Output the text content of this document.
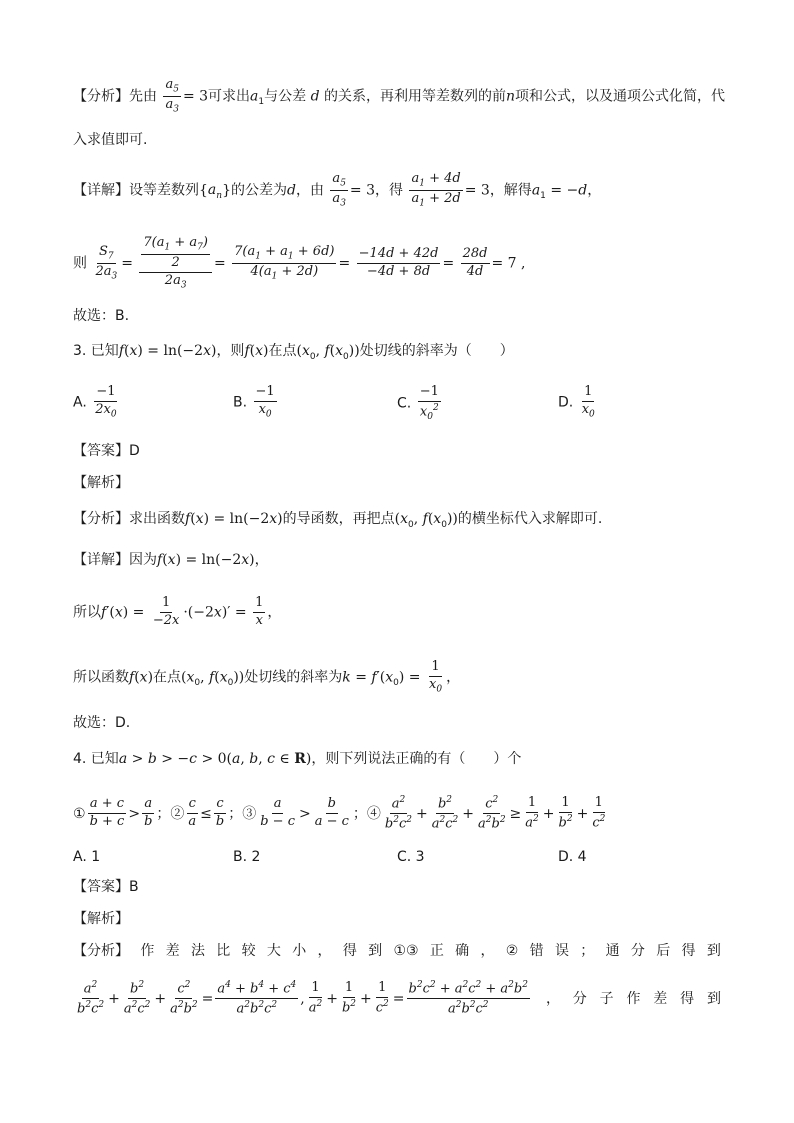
【分析】先由 $\frac{a_5}{a_3} = 3$可求出$a_1$与公差 d 的关系，再利用等差数列的前n项和公式，以及通项公式化简，代
入求值即可.
【详解】设等差数列$\{a_n\}$的公差为d，由 $\frac{a_5}{a_3} = 3$，得 $\frac{a_1 + 4d}{a_1 + 2d} = 3$，解得$a_1 = -d$，
则 $\frac{S_7}{2a_3} = \frac{\frac{7(a_1 + a_7)}{2}}{2a_3} = \frac{7(a_1 + a_1 + 6d)}{4(a_1 + 2d)} = \frac{-14d + 42d}{-4d + 8d} = \frac{28d}{4d} = 7$ ,
故选：B.
3. 已知f(x) = ln(−2x)，则f(x)在点($x_0$, $f(x_0)$)处切线的斜率为（　　）
A. $\frac{-1}{2x_0}$	B. $\frac{-1}{x_0}$	C. $\frac{-1}{x_0^2}$	D. $\frac{1}{x_0}$
【答案】D
【解析】
【分析】求出函数f(x) = ln(−2x)的导函数，再把点($x_0$, $f(x_0)$)的横坐标代入求解即可.
【详解】因为f(x) = ln(−2x)，
所以$f'(x) = \frac{1}{-2x} \cdot(-2x)' = \frac{1}{x}$ ，
所以函数f(x)在点($x_0$, $f(x_0)$)处切线的斜率为$k = f'(x_0) = \frac{1}{x_0}$ ，
故选：D.
4. 已知a > b > −c > 0(a, b, c ∈ R)，则下列说法正确的有（　　）个
① $\frac{a + c}{b + c} > \frac{a}{b}$ ；② $\frac{c}{a} \le \frac{c}{b}$ ；③ $\frac{a}{b - c} > \frac{b}{a - c}$ ；④ $\frac{a^2}{b^2c^2} + \frac{b^2}{a^2c^2} + \frac{c^2}{a^2b^2} \ge \frac{1}{a^2} + \frac{1}{b^2} + \frac{1}{c^2}$
A. 1	B. 2	C. 3	D. 4
【答案】B
【解析】
【分析】 作 差 法 比 较 大 小 ， 得 到 ①③ 正 确 ， ② 错 误 ； 通 分 后 得 到
$\frac{a^2}{b^2c^2} + \frac{b^2}{a^2c^2} + \frac{c^2}{a^2b^2} = \frac{a^4 + b^4 + c^4}{a^2b^2c^2}$ , $\frac{1}{a^2} + \frac{1}{b^2} + \frac{1}{c^2} = \frac{b^2c^2 + a^2c^2 + a^2b^2}{a^2b^2c^2}$ ， 分 子 作 差 得 到
